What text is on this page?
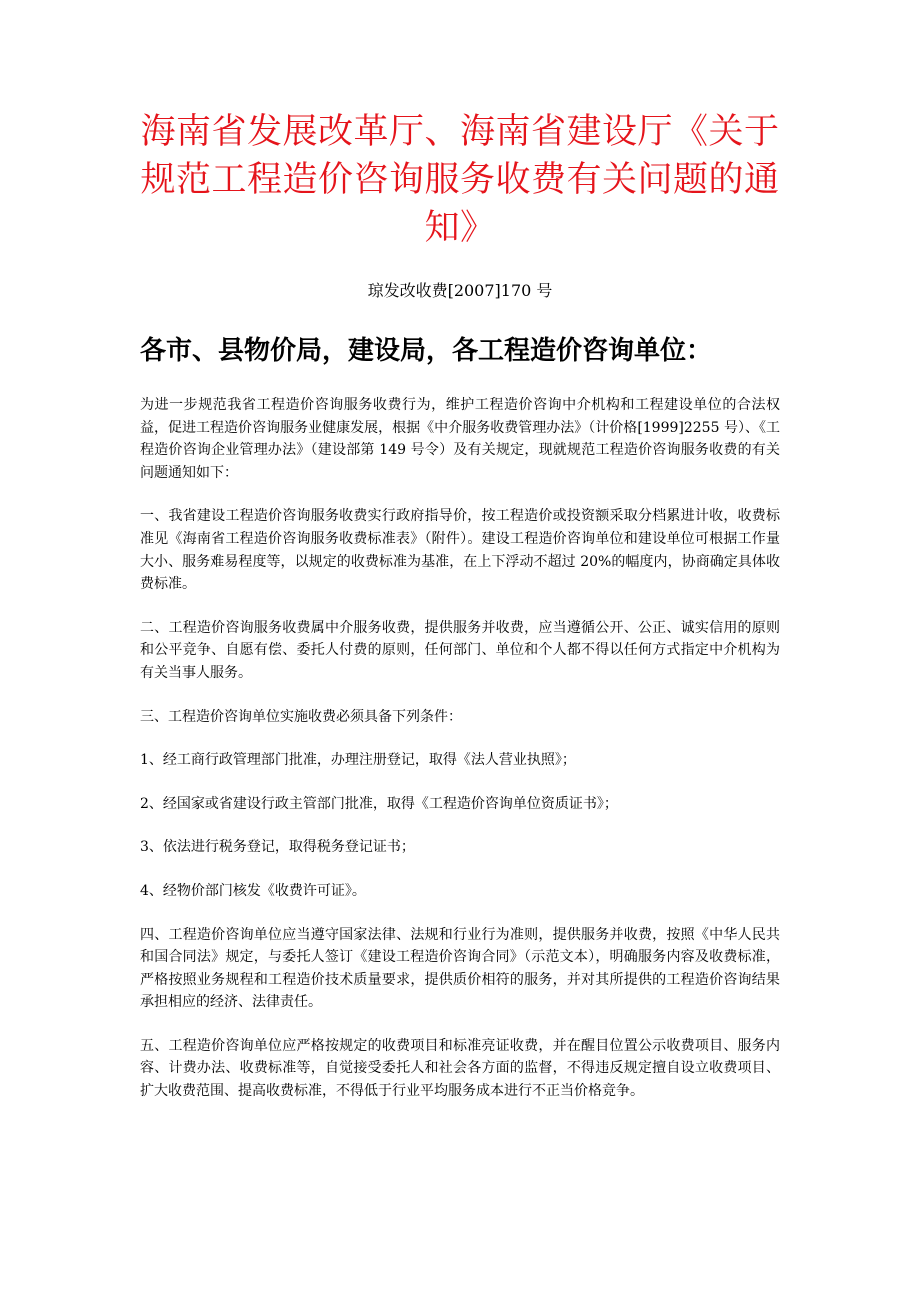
海南省发展改革厅、海南省建设厅《关于规范工程造价咨询服务收费有关问题的通知》

琼发改收费[2007]170 号

各市、县物价局，建设局，各工程造价咨询单位：

为进一步规范我省工程造价咨询服务收费行为，维护工程造价咨询中介机构和工程建设单位的合法权益，促进工程造价咨询服务业健康发展，根据《中介服务收费管理办法》（计价格[1999]2255 号）、《工程造价咨询企业管理办法》（建设部第 149 号令）及有关规定，现就规范工程造价咨询服务收费的有关问题通知如下：

一、我省建设工程造价咨询服务收费实行政府指导价，按工程造价或投资额采取分档累进计收，收费标准见《海南省工程造价咨询服务收费标准表》（附件）。建设工程造价咨询单位和建设单位可根据工作量大小、服务难易程度等，以规定的收费标准为基准，在上下浮动不超过 20%的幅度内，协商确定具体收费标准。

二、工程造价咨询服务收费属中介服务收费，提供服务并收费，应当遵循公开、公正、诚实信用的原则和公平竞争、自愿有偿、委托人付费的原则，任何部门、单位和个人都不得以任何方式指定中介机构为有关当事人服务。

三、工程造价咨询单位实施收费必须具备下列条件：

1、经工商行政管理部门批准，办理注册登记，取得《法人营业执照》；

2、经国家或省建设行政主管部门批准，取得《工程造价咨询单位资质证书》；

3、依法进行税务登记，取得税务登记证书；

4、经物价部门核发《收费许可证》。

四、工程造价咨询单位应当遵守国家法律、法规和行业行为准则，提供服务并收费，按照《中华人民共和国合同法》规定，与委托人签订《建设工程造价咨询合同》（示范文本），明确服务内容及收费标准，严格按照业务规程和工程造价技术质量要求，提供质价相符的服务，并对其所提供的工程造价咨询结果承担相应的经济、法律责任。

五、工程造价咨询单位应严格按规定的收费项目和标准亮证收费，并在醒目位置公示收费项目、服务内容、计费办法、收费标准等，自觉接受委托人和社会各方面的监督，不得违反规定擅自设立收费项目、扩大收费范围、提高收费标准，不得低于行业平均服务成本进行不正当价格竞争。
